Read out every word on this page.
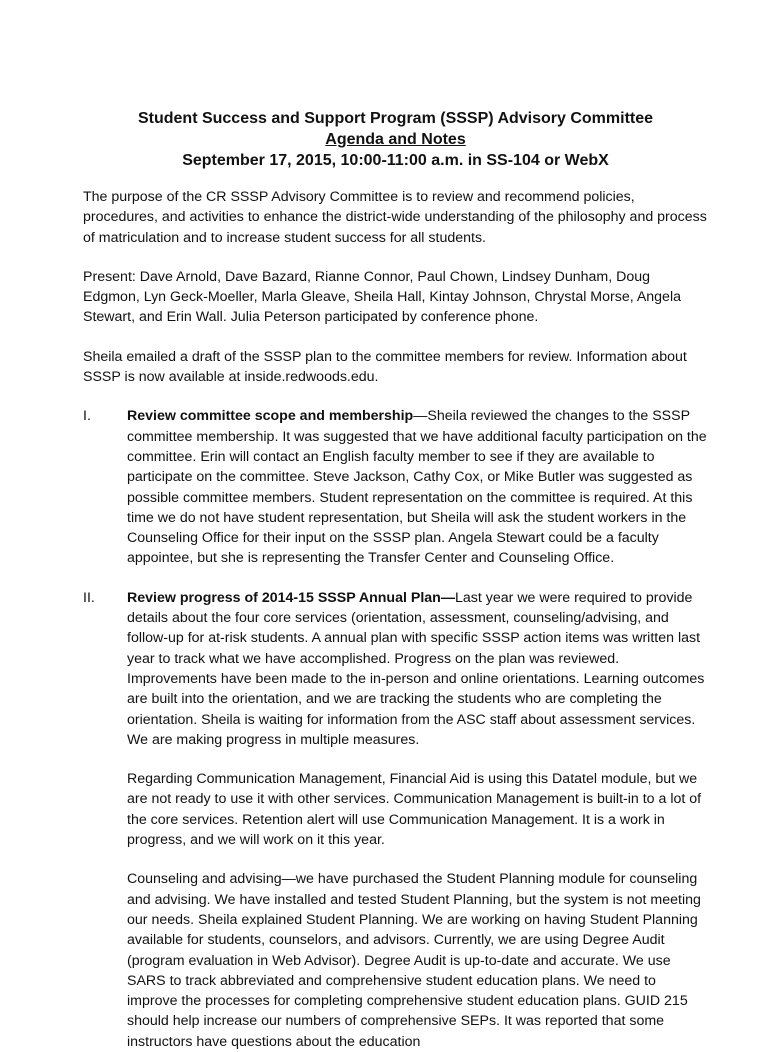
Student Success and Support Program (SSSP) Advisory Committee
Agenda and Notes
September 17, 2015, 10:00-11:00 a.m. in SS-104 or WebX

The purpose of the CR SSSP Advisory Committee is to review and recommend policies, procedures, and activities to enhance the district-wide understanding of the philosophy and process of matriculation and to increase student success for all students.

Present: Dave Arnold, Dave Bazard, Rianne Connor, Paul Chown, Lindsey Dunham, Doug Edgmon, Lyn Geck-Moeller, Marla Gleave, Sheila Hall, Kintay Johnson, Chrystal Morse, Angela Stewart, and Erin Wall. Julia Peterson participated by conference phone.

Sheila emailed a draft of the SSSP plan to the committee members for review. Information about SSSP is now available at inside.redwoods.edu.

I.	Review committee scope and membership—Sheila reviewed the changes to the SSSP committee membership. It was suggested that we have additional faculty participation on the committee. Erin will contact an English faculty member to see if they are available to participate on the committee. Steve Jackson, Cathy Cox, or Mike Butler was suggested as possible committee members. Student representation on the committee is required. At this time we do not have student representation, but Sheila will ask the student workers in the Counseling Office for their input on the SSSP plan. Angela Stewart could be a faculty appointee, but she is representing the Transfer Center and Counseling Office.

II.	Review progress of 2014-15 SSSP Annual Plan—Last year we were required to provide details about the four core services (orientation, assessment, counseling/advising, and follow-up for at-risk students. A annual plan with specific SSSP action items was written last year to track what we have accomplished. Progress on the plan was reviewed. Improvements have been made to the in-person and online orientations. Learning outcomes are built into the orientation, and we are tracking the students who are completing the orientation. Sheila is waiting for information from the ASC staff about assessment services. We are making progress in multiple measures.

Regarding Communication Management, Financial Aid is using this Datatel module, but we are not ready to use it with other services. Communication Management is built-in to a lot of the core services. Retention alert will use Communication Management. It is a work in progress, and we will work on it this year.

Counseling and advising—we have purchased the Student Planning module for counseling and advising. We have installed and tested Student Planning, but the system is not meeting our needs. Sheila explained Student Planning. We are working on having Student Planning available for students, counselors, and advisors. Currently, we are using Degree Audit (program evaluation in Web Advisor). Degree Audit is up-to-date and accurate. We use SARS to track abbreviated and comprehensive student education plans. We need to improve the processes for completing comprehensive student education plans. GUID 215 should help increase our numbers of comprehensive SEPs. It was reported that some instructors have questions about the education
